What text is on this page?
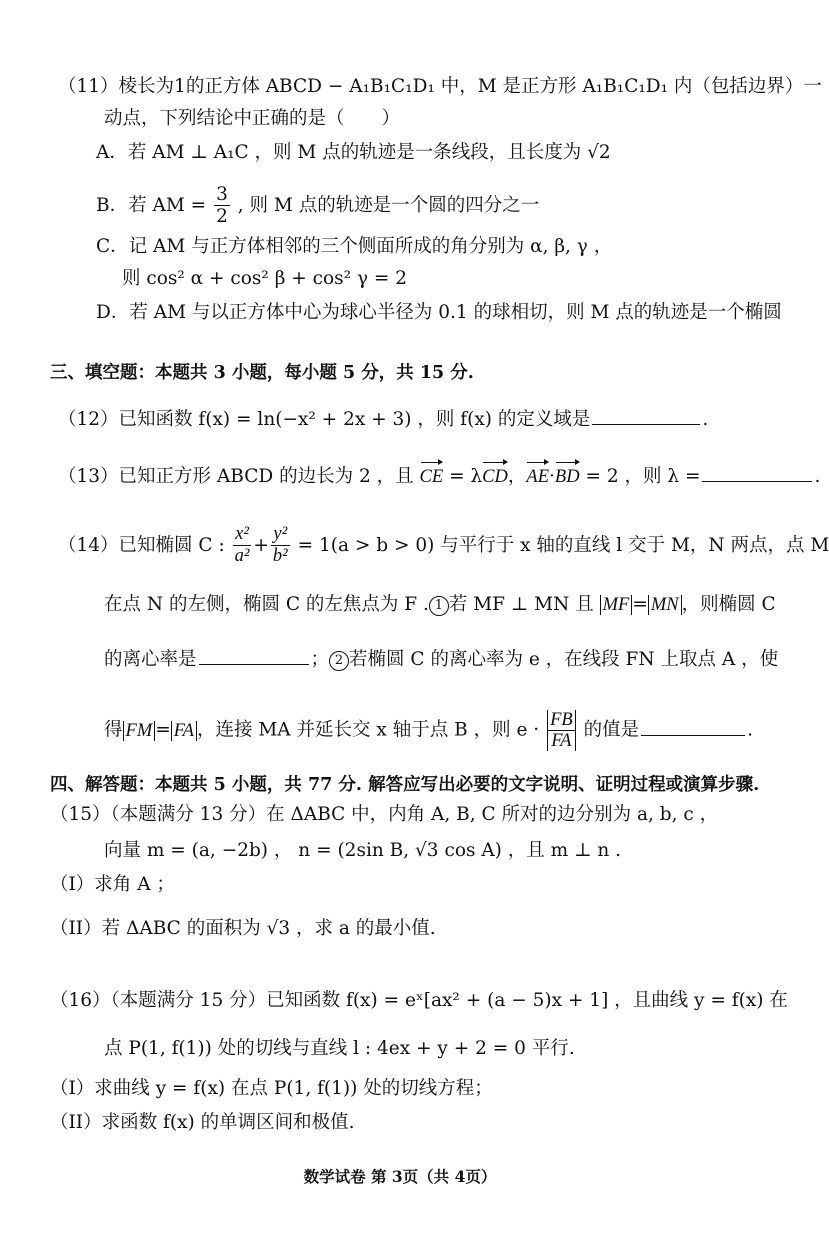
（11）棱长为1的正方体 ABCD − A₁B₁C₁D₁ 中，M 是正方形 A₁B₁C₁D₁ 内（包括边界）一
动点，下列结论中正确的是（　　）
A．若 AM ⊥ A₁C ，则 M 点的轨迹是一条线段，且长度为 √2
B．若 AM = $\frac{3}{2}$ , 则 M 点的轨迹是一个圆的四分之一
C．记 AM 与正方体相邻的三个侧面所成的角分别为 α, β, γ ，
则 cos² α + cos² β + cos² γ = 2
D．若 AM 与以正方体中心为球心半径为 0.1 的球相切，则 M 点的轨迹是一个椭圆
三、填空题：本题共 3 小题，每小题 5 分，共 15 分.
（12）已知函数 f(x) = ln(−x² + 2x + 3) ，则 f(x) 的定义域是	.
（13）已知正方形 ABCD 的边长为 2 ，且 CE = λCD，AE·BD = 2 ，则 λ =	.
（14）已知椭圆 C : $\frac{\text{x²}}{\text{a²}} + \frac{\text{y²}}{\text{b²}} = 1(a > b > 0)$ 与平行于 x 轴的直线 l 交于 M，N 两点，点 M
在点 N 的左侧，椭圆 C 的左焦点为 F . 1 若 MF ⊥ MN 且 MF = MN ，则椭圆 C
的离心率是	； 2 若椭圆 C 的离心率为 e ，在线段 FN 上取点 A ，使
得 FM = FA ，连接 MA 并延长交 x 轴于点 B ，则 $e \cdot \frac{FB}{FA}$ 的值是	.
四、解答题：本题共 5 小题，共 77 分. 解答应写出必要的文字说明、证明过程或演算步骤.
（15）（本题满分 13 分）在 ΔABC 中，内角 A, B, C 所对的边分别为 a, b, c ，
向量 m = (a, −2b) ， n = (2sin B, √3 cos A) ，且 m ⊥ n .
（I）求角 A ；
（II）若 ΔABC 的面积为 √3 ，求 a 的最小值.
（16）（本题满分 15 分）已知函数 f(x) = eˣ[ax² + (a − 5)x + 1] ，且曲线 y = f(x) 在
点 P(1, f(1)) 处的切线与直线 l : 4ex + y + 2 = 0 平行.
（I）求曲线 y = f(x) 在点 P(1, f(1)) 处的切线方程；
（II）求函数 f(x) 的单调区间和极值.
数学试卷 第 3页（共 4页）
